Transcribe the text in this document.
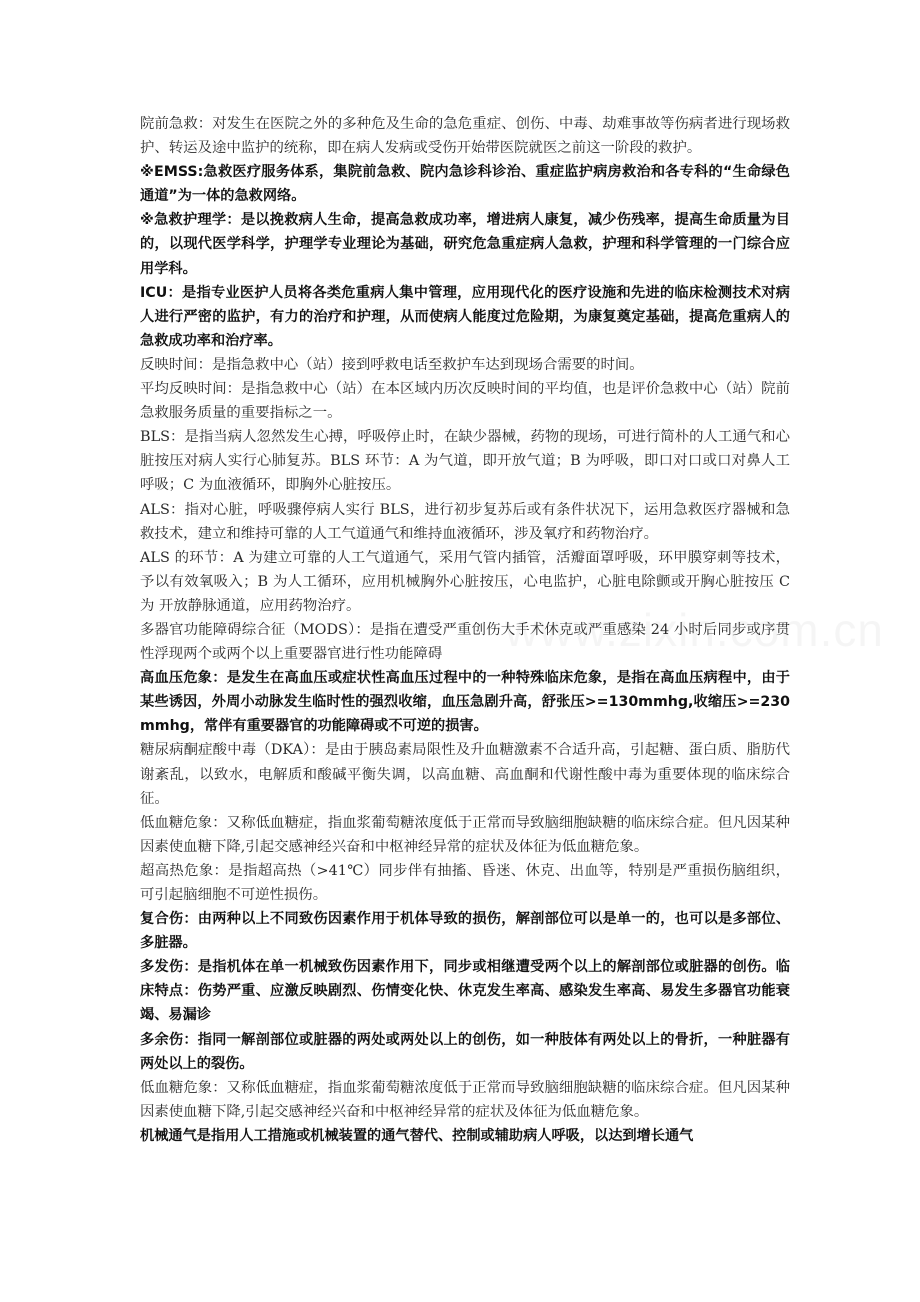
院前急救：对发生在医院之外的多种危及生命的急危重症、创伤、中毒、劫难事故等伤病者进行现场救护、转运及途中监护的统称，即在病人发病或受伤开始带医院就医之前这一阶段的救护。

※EMSS:急救医疗服务体系，集院前急救、院内急诊科诊治、重症监护病房救治和各专科的“生命绿色通道”为一体的急救网络。

※急救护理学：是以挽救病人生命，提高急救成功率，增进病人康复，减少伤残率，提高生命质量为目的，以现代医学科学，护理学专业理论为基础，研究危急重症病人急救，护理和科学管理的一门综合应用学科。

ICU：是指专业医护人员将各类危重病人集中管理，应用现代化的医疗设施和先进的临床检测技术对病人进行严密的监护，有力的治疗和护理，从而使病人能度过危险期，为康复奠定基础，提高危重病人的急救成功率和治疗率。

反映时间：是指急救中心（站）接到呼救电话至救护车达到现场合需要的时间。

平均反映时间：是指急救中心（站）在本区域内历次反映时间的平均值，也是评价急救中心（站）院前急救服务质量的重要指标之一。

BLS：是指当病人忽然发生心搏，呼吸停止时，在缺少器械，药物的现场，可进行简朴的人工通气和心脏按压对病人实行心肺复苏。BLS 环节：A 为气道，即开放气道；B 为呼吸，即口对口或口对鼻人工呼吸；C 为血液循环，即胸外心脏按压。

ALS：指对心脏，呼吸骤停病人实行 BLS，进行初步复苏后或有条件状况下，运用急救医疗器械和急救技术，建立和维持可靠的人工气道通气和维持血液循环，涉及氧疗和药物治疗。

ALS 的环节：A 为建立可靠的人工气道通气，采用气管内插管，活瓣面罩呼吸，环甲膜穿刺等技术，予以有效氧吸入；B 为人工循环，应用机械胸外心脏按压，心电监护，心脏电除颤或开胸心脏按压 C 为 开放静脉通道，应用药物治疗。

多器官功能障碍综合征（MODS）：是指在遭受严重创伤大手术休克或严重感染 24 小时后同步或序贯性浮现两个或两个以上重要器官进行性功能障碍

高血压危象：是发生在高血压或症状性高血压过程中的一种特殊临床危象，是指在高血压病程中，由于某些诱因，外周小动脉发生临时性的强烈收缩，血压急剧升高，舒张压>=130mmhg,收缩压>=230mmhg，常伴有重要器官的功能障碍或不可逆的损害。

糖尿病酮症酸中毒（DKA）：是由于胰岛素局限性及升血糖激素不合适升高，引起糖、蛋白质、脂肪代谢紊乱，以致水，电解质和酸碱平衡失调，以高血糖、高血酮和代谢性酸中毒为重要体现的临床综合征。

低血糖危象：又称低血糖症，指血浆葡萄糖浓度低于正常而导致脑细胞缺糖的临床综合症。但凡因某种因素使血糖下降,引起交感神经兴奋和中枢神经异常的症状及体征为低血糖危象。

超高热危象：是指超高热（>41℃）同步伴有抽搐、昏迷、休克、出血等，特别是严重损伤脑组织，可引起脑细胞不可逆性损伤。

复合伤：由两种以上不同致伤因素作用于机体导致的损伤，解剖部位可以是单一的，也可以是多部位、多脏器。

多发伤：是指机体在单一机械致伤因素作用下，同步或相继遭受两个以上的解剖部位或脏器的创伤。临床特点：伤势严重、应激反映剧烈、伤情变化快、休克发生率高、感染发生率高、易发生多器官功能衰竭、易漏诊

多余伤：指同一解剖部位或脏器的两处或两处以上的创伤，如一种肢体有两处以上的骨折，一种脏器有两处以上的裂伤。

低血糖危象：又称低血糖症，指血浆葡萄糖浓度低于正常而导致脑细胞缺糖的临床综合症。但凡因某种因素使血糖下降,引起交感神经兴奋和中枢神经异常的症状及体征为低血糖危象。

机械通气是指用人工措施或机械装置的通气替代、控制或辅助病人呼吸，以达到增长通气
